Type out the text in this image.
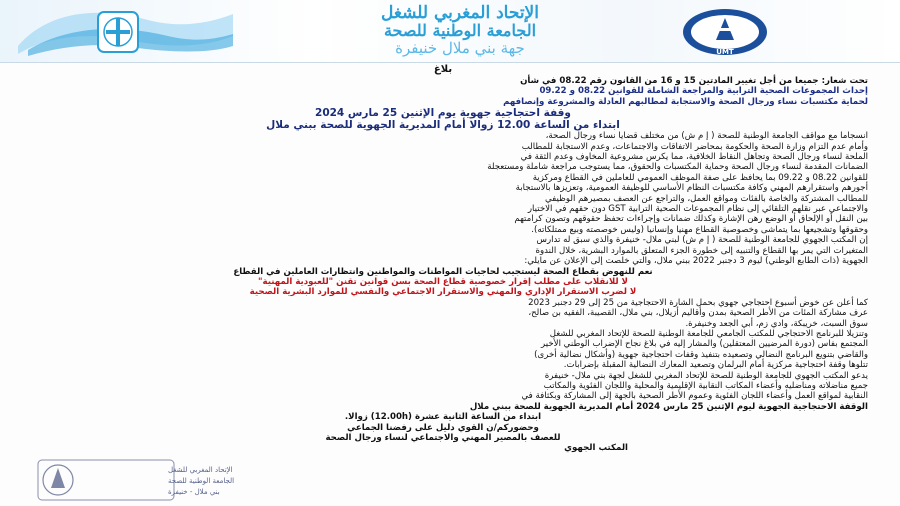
الإتحاد المغربي للشغل
الجامعة الوطنية للصحة
جهة بني ملال خنيفرة	UMT
بلاغ
تحت شعار: جميعا من أجل تغيير المادتين 15 و 16 من القانون رقم 08.22 في شأن
إحداث المجموعات الصحية الترابية والمراجعة الشاملة للقوانين 08.22 و 09.22
لحماية مكتسبات نساء ورجال الصحة والاستجابة لمطالبهم العادلة والمشروعة وإنصافهم
وقفة احتجاجية جهوية يوم الإثنين 25 مارس 2024
ابتداء من الساعة 12.00 زوالا أمام المديرية الجهوية للصحة ببني ملال
انسجاما مع مواقف الجامعة الوطنية للصحة ( إ م ش) من مختلف قضايا نساء ورجال الصحة،
وأمام عدم التزام وزارة الصحة والحكومة بمحاضر الاتفاقات والاجتماعات، وعدم الاستجابة للمطالب
الملحة لنساء ورجال الصحة وتجاهل النقاط الخلافية، مما يكرس مشروعية المخاوف وعدم الثقة في
الضمانات المقدمة لنساء ورجال الصحة وحماية المكتسبات والحقوق، مما يستوجب مراجعة شاملة ومستعجلة
للقوانين 08.22 و 09.22 بما يحافظ على صفة الموظف العمومي للعاملين في القطاع ومركزية
أجورهم واستقرارهم المهني وكافة مكتسبات النظام الأساسي للوظيفة العمومية، وتعزيزها بالاستجابة
للمطالب المشتركة والخاصة بالفئات ومواقع العمل، والتراجع عن العصف بمصيرهم الوظيفي
والاجتماعي عبر نقلهم التلقائي إلى نظام المجموعات الصحية الترابية GST دون حقهم في الاختيار
بين النقل أو الإلحاق أو الوضع رهن الإشارة وكذلك ضمانات وإجراءات تحفظ حقوقهم وتصون كرامتهم
وحقوقها وتشجيعها بما يتماشى وخصوصية القطاع مهنيا وإنسانيا (وليس خوصصته وبيع ممتلكاته).
إن المكتب الجهوي للجامعة الوطنية للصحة ( إ م ش) لبني ملال- خنيفرة والذي سبق له تدارس
المتغيرات التي يمر بها القطاع والتنبيه إلى خطورة الجزء المتعلق بالموارد البشرية، خلال الندوة
الجهوية (ذات الطابع الوطني) ليوم 3 دجنبر 2022 ببني ملال، والتي خلصت إلى الإعلان عن مايلي:
نعم للنهوض بقطاع الصحة ليستجيب لحاجيات المواطنات والمواطنين وانتظارات العاملين في القطاع
لا للانقلاب على مطلب إقرار خصوصية قطاع الصحة بسن قوانين تقنن "للعبودية المهنية"
لا لضرب الاستقرار الإداري والمهني والاستقرار الاجتماعي والنفسي للموارد البشرية الصحية
كما أعلن عن خوض أسبوع احتجاجي جهوي بحمل الشارة الاحتجاجية من 25 إلى 29 دجنبر 2023
عرف مشاركة المئات من الأطر الصحية بمدن وأقاليم أزيلال، بني ملال، القصيبة، الفقيه بن صالح،
سوق السبت، خريبكة، وادي زم، أبي الجعد وخنيفرة.
وتنزيلا للبرنامج الاحتجاجي للمكتب الجامعي للجامعة الوطنية للصحة للإتحاد المغربي للشغل
المجتمع بفاس (دورة المرضيين المعتقلين) والمشار إليه في بلاغ نجاح الإضراب الوطني الأخير
والقاضي بتنويع البرنامج النضالي وتصعيده بتنفيذ وقفات احتجاجية جهوية (وأشكال نضالية أخرى)
تتلوها وقفة احتجاجية مركزية أمام البرلمان وتصعيد المعارك النضالية المقبلة بإضرابات.
يدعو المكتب الجهوي للجامعة الوطنية للصحة للإتحاد المغربي للشغل لجهة بني ملال- خنيفرة
جميع مناضلاته ومناضليه وأعضاء المكاتب النقابية الإقليمية والمحلية واللجان الفئوية والمكاتب
النقابية لمواقع العمل وأعضاء اللجان الفئوية وعموم الأطر الصحية بالجهة إلى المشاركة وبكثافة في
الوقفة الاحتجاجية الجهوية ليوم الإثنين 25 مارس 2024 أمام المديرية الجهوية للصحة ببني ملال
ابتداء من الساعة الثانية عشرة (12.00h) زوالا.
وحضوركم/ن القوي دليل على رفضنا الجماعي
للعصف بالمصير المهني والاجتماعي لنساء ورجال الصحة
المكتب الجهوي
الإتحاد المغربي للشغل
الجامعة الوطنية للصحة
بني ملال - خنيفرة
